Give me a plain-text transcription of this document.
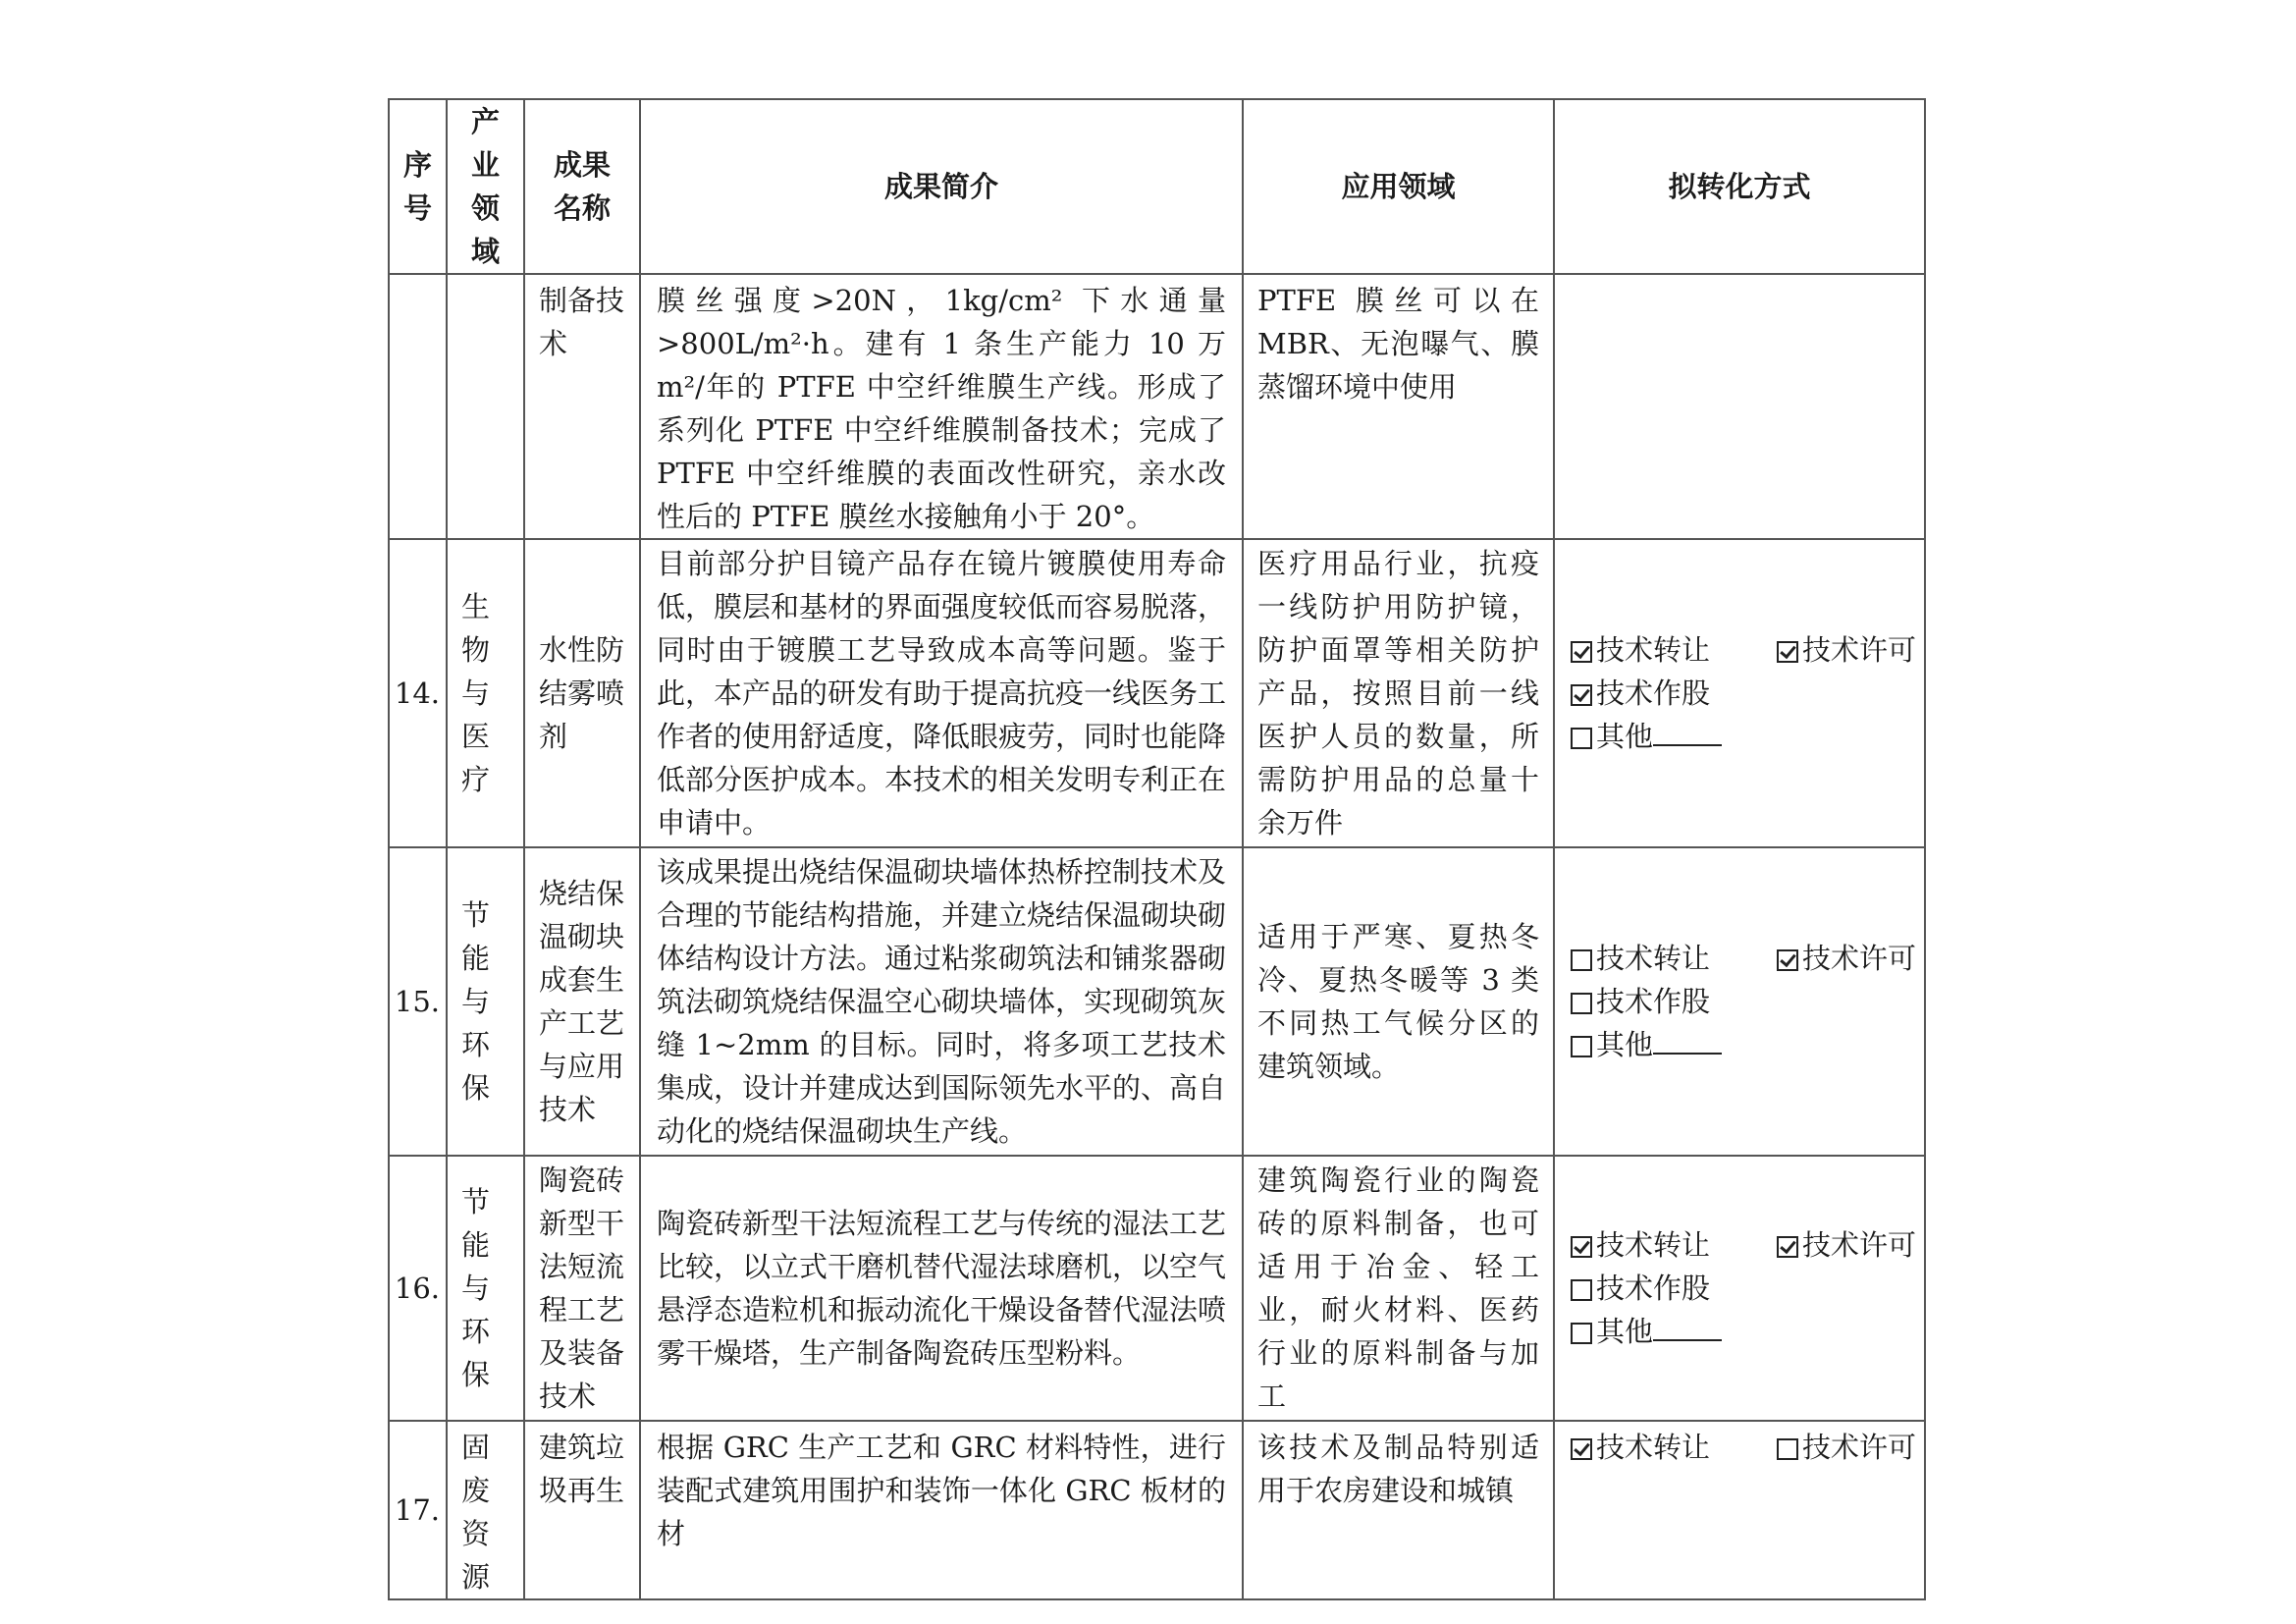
序号	产业领域	成果名称	成果简介	应用领域	拟转化方式
		制备技术	膜丝强度>20N，1kg/cm² 下水通量>800L/m²·h。建有 1 条生产能力 10 万 m²/年的 PTFE 中空纤维膜生产线。形成了系列化 PTFE 中空纤维膜制备技术；完成了 PTFE 中空纤维膜的表面改性研究，亲水改性后的 PTFE 膜丝水接触角小于 20°。	PTFE 膜丝可以在 MBR、无泡曝气、膜蒸馏环境中使用	
14.	生物与医疗	水性防结雾喷剂	目前部分护目镜产品存在镜片镀膜使用寿命低，膜层和基材的界面强度较低而容易脱落，同时由于镀膜工艺导致成本高等问题。鉴于此，本产品的研发有助于提高抗疫一线医务工作者的使用舒适度，降低眼疲劳，同时也能降低部分医护成本。本技术的相关发明专利正在申请中。	医疗用品行业，抗疫一线防护用防护镜，防护面罩等相关防护产品，按照目前一线医护人员的数量，所需防护用品的总量十余万件	技术转让 技术许可
技术作股
其他

15.	节能与环保	烧结保温砌块成套生产工艺与应用技术	该成果提出烧结保温砌块墙体热桥控制技术及合理的节能结构措施，并建立烧结保温砌块砌体结构设计方法。通过粘浆砌筑法和铺浆器砌筑法砌筑烧结保温空心砌块墙体，实现砌筑灰缝 1~2mm 的目标。同时，将多项工艺技术集成，设计并建成达到国际领先水平的、高自动化的烧结保温砌块生产线。	适用于严寒、夏热冬冷、夏热冬暖等 3 类不同热工气候分区的建筑领域。	技术转让 技术许可
技术作股
其他

16.	节能与环保	陶瓷砖新型干法短流程工艺及装备技术	陶瓷砖新型干法短流程工艺与传统的湿法工艺比较，以立式干磨机替代湿法球磨机，以空气悬浮态造粒机和振动流化干燥设备替代湿法喷雾干燥塔，生产制备陶瓷砖压型粉料。	建筑陶瓷行业的陶瓷砖的原料制备，也可适用于冶金、轻工业，耐火材料、医药行业的原料制备与加工	技术转让 技术许可
技术作股
其他

17.	固废资源	建筑垃圾再生	根据 GRC 生产工艺和 GRC 材料特性，进行装配式建筑用围护和装饰一体化 GRC 板材的材	该技术及制品特别适用于农房建设和城镇	技术转让 技术许可
